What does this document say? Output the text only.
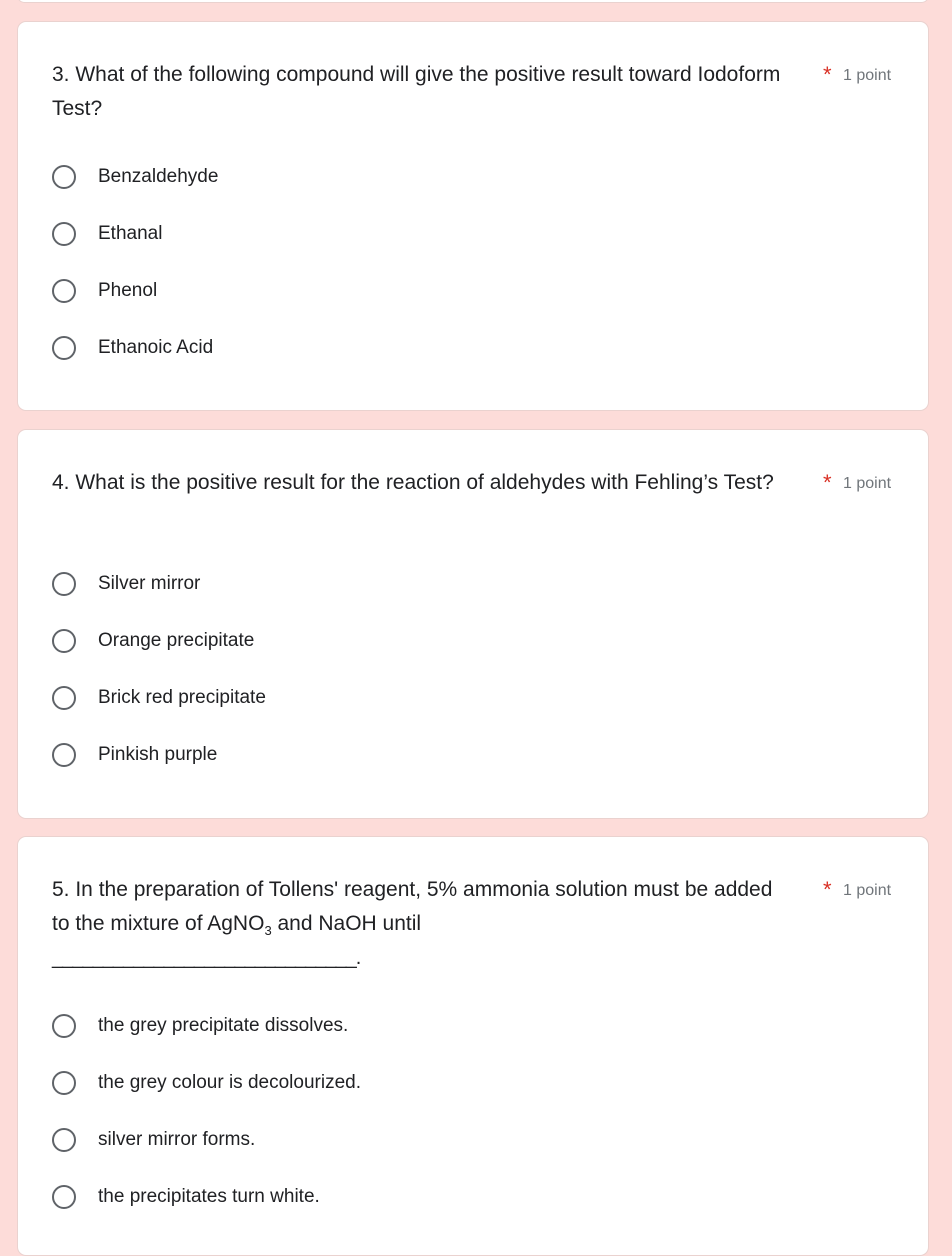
3. What of the following compound will give the positive result toward Iodoform Test?
* 1 point
Benzaldehyde
Ethanal
Phenol
Ethanoic Acid
4. What is the positive result for the reaction of aldehydes with Fehling’s Test?	* 1 point
Silver mirror
Orange precipitate
Brick red precipitate
Pinkish purple
5. In the preparation of Tollens' reagent, 5% ammonia solution must be added to the mixture of AgNO$_3$ and NaOH until
______________________________.
* 1 point
the grey precipitate dissolves.
the grey colour is decolourized.
silver mirror forms.
the precipitates turn white.
